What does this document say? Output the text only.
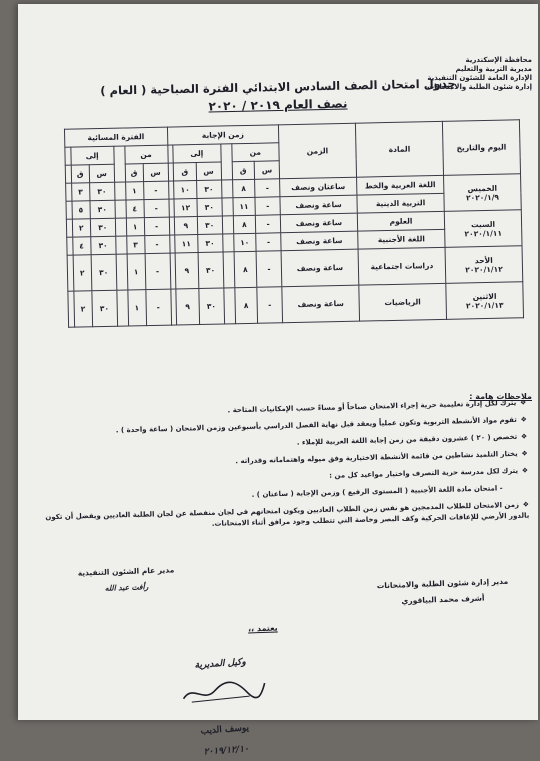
محافظة الإسكندرية
مديرية التربية والتعليم
الإدارة العامة للشئون التنفيذية
إدارة شئون الطلبة والامتحانات
جدول امتحان الصف السادس الابتدائي الفترة الصباحية ( العام )
نصف العام ٢٠١٩ / ٢٠٢٠
اليوم والتاريخ	المادة	الزمن	زمن الإجابة						الفترة المسائية					
			من			إلى			من			إلى		
			س	ق		س	ق		س	ق		س	ق	

الخميس
٢٠٢٠/١/٩	اللغة العربية والخط	ساعتان ونصف	-	٨		٣٠	١٠		-	١		٣٠	٣	
	التربية الدينية	ساعة ونصف	-	١١		٣٠	١٢		-	٤		٣٠	٥	

السبت
٢٠٢٠/١/١١	العلوم	ساعة ونصف	-	٨		٣٠	٩		-	١		٣٠	٢	
	اللغة الأجنبية	ساعة ونصف	-	١٠		٣٠	١١		-	٣		٣٠	٤	

الأحد
٢٠٢٠/١/١٢	دراسات اجتماعية	ساعة ونصف	-	٨		٣٠	٩		-	١		٣٠	٢	

الاثنين
٢٠٢٠/١/١٣	الرياضيات	ساعة ونصف	-	٨		٣٠	٩		-	١		٣٠	٢	
ملاحظات هامة :
❖يترك لكل إدارة تعليمية حرية إجراء الامتحان صباحاً أو مساءً حسب الإمكانيات المتاحة .
❖تقوم مواد الأنشطة التربوية وتكون عملياً ويعقد قبل نهاية الفصل الدراسي بأسبوعين وزمن الامتحان ( ساعة واحدة ) .
❖تخصص ( ٢٠ ) عشرون دقيقة من زمن إجابة اللغة العربية للإملاء .
❖يختار التلميذ نشاطين من قائمة الأنشطة الاختيارية وفق ميوله واهتماماته وقدراته .
❖يترك لكل مدرسة حرية التصرف واختيار مواعيد كل من :
- امتحان مادة اللغة الأجنبية ( المستوى الرفيع ) وزمن الإجابة ( ساعتان ) .
❖زمن الامتحان للطلاب المدمجين هو نفس زمن الطلاب العاديين ويكون امتحانهم في لجان منفصلة عن لجان الطلبة العاديين ويفضل أن تكون بالدور الأرضي للإعاقات الحركية وكف البصر وخاصة التي تتطلب وجود مرافق أثناء الامتحانات.
مدير إدارة شئون الطلبة والامتحانات
أشرف محمد البياقوري
مدير عام الشئون التنفيذية
رأفت عبد الله
يعتمد ،،
وكيل المديرية
يوسف الديب
٢٠١٩/١٢/١٠
